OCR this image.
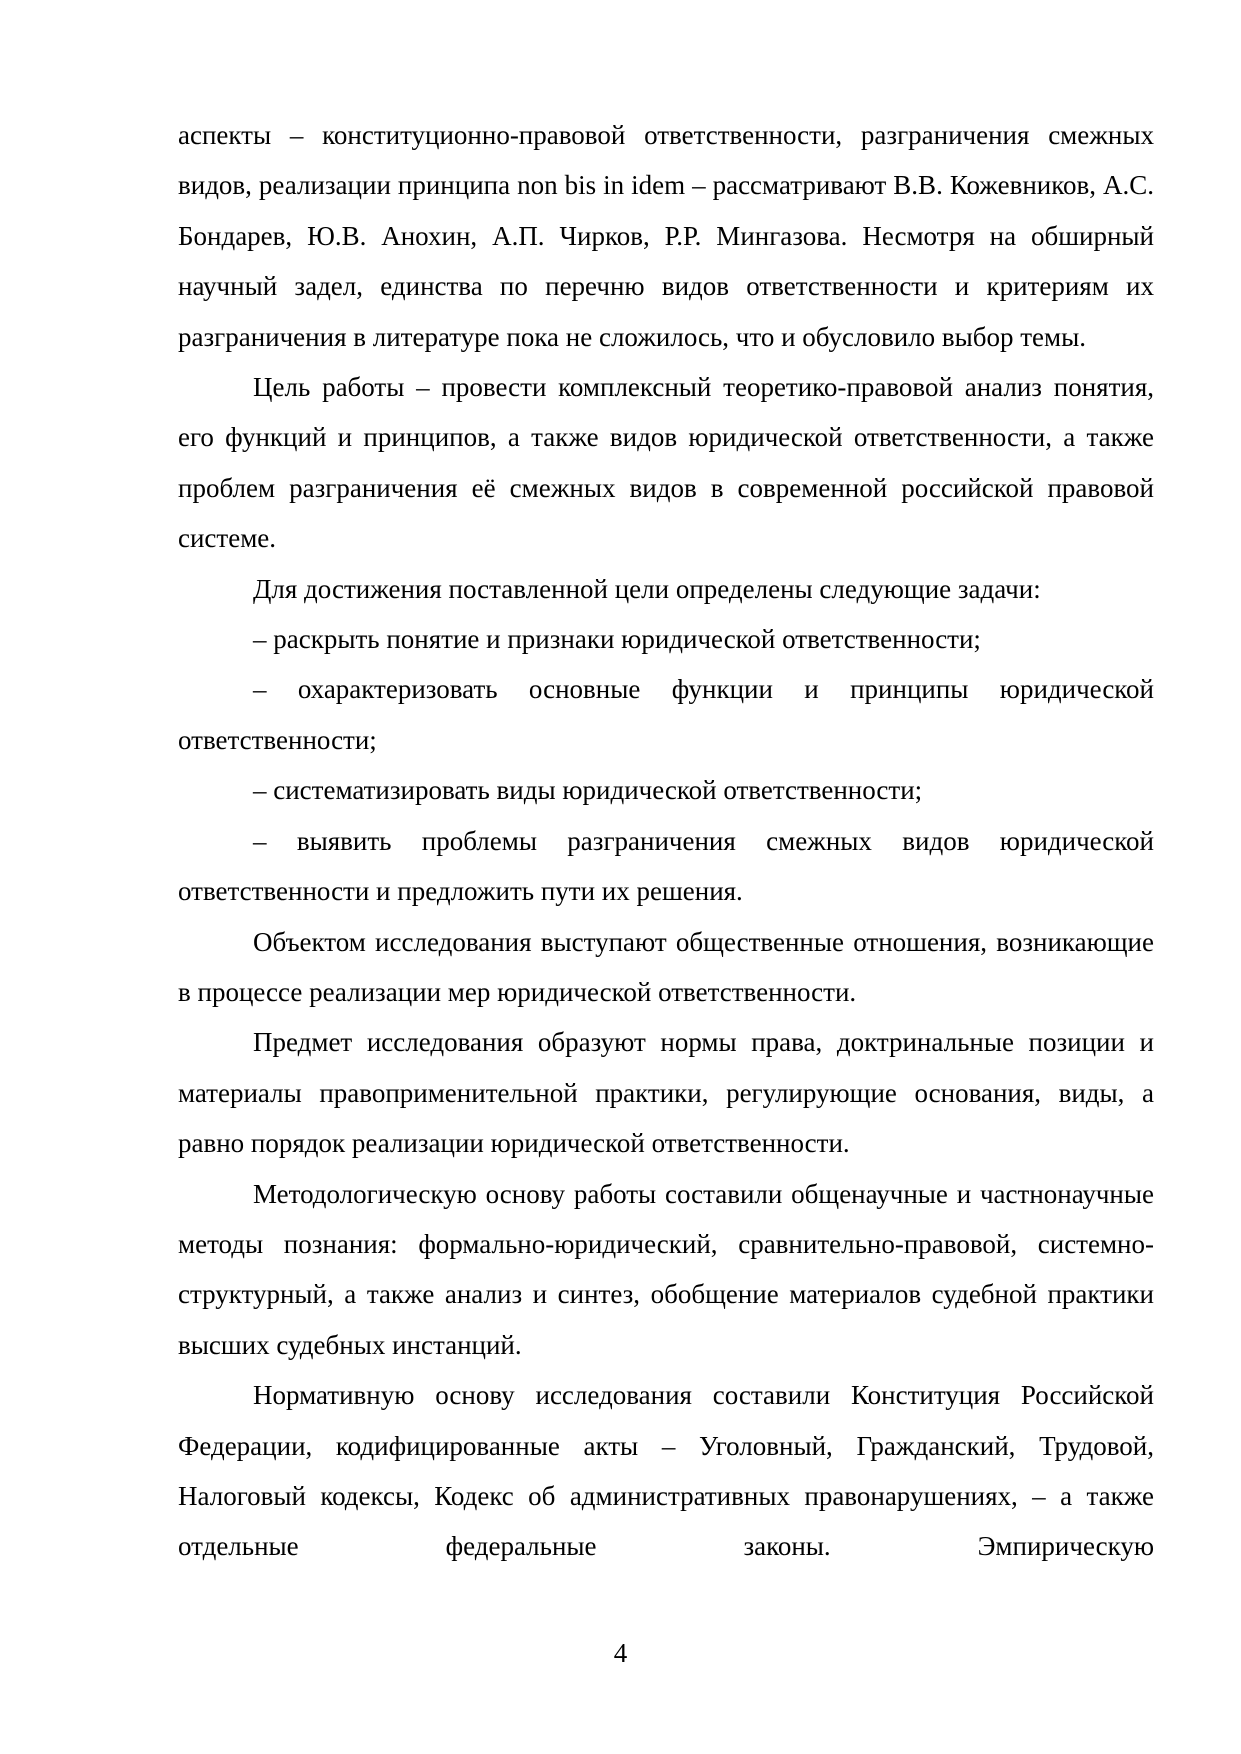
аспекты – конституционно-правовой ответственности, разграничения смежных видов, реализации принципа non bis in idem – рассматривают В.В. Кожевников, А.С. Бондарев, Ю.В. Анохин, А.П. Чирков, Р.Р. Мингазова. Несмотря на обширный научный задел, единства по перечню видов ответственности и критериям их разграничения в литературе пока не сложилось, что и обусловило выбор темы.

Цель работы – провести комплексный теоретико-правовой анализ понятия, его функций и принципов, а также видов юридической ответственности, а также проблем разграничения её смежных видов в современной российской правовой системе.

Для достижения поставленной цели определены следующие задачи:

– раскрыть понятие и признаки юридической ответственности;

– охарактеризовать основные функции и принципы юридической ответственности;

– систематизировать виды юридической ответственности;

– выявить проблемы разграничения смежных видов юридической ответственности и предложить пути их решения.

Объектом исследования выступают общественные отношения, возникающие в процессе реализации мер юридической ответственности.

Предмет исследования образуют нормы права, доктринальные позиции и материалы правоприменительной практики, регулирующие основания, виды, а равно порядок реализации юридической ответственности.

Методологическую основу работы составили общенаучные и частнонаучные методы познания: формально-юридический, сравнительно-правовой, системно-структурный, а также анализ и синтез, обобщение материалов судебной практики высших судебных инстанций.

Нормативную основу исследования составили Конституция Российской Федерации, кодифицированные акты – Уголовный, Гражданский, Трудовой, Налоговый кодексы, Кодекс об административных правонарушениях, – а также отдельные федеральные законы. Эмпирическую

4
